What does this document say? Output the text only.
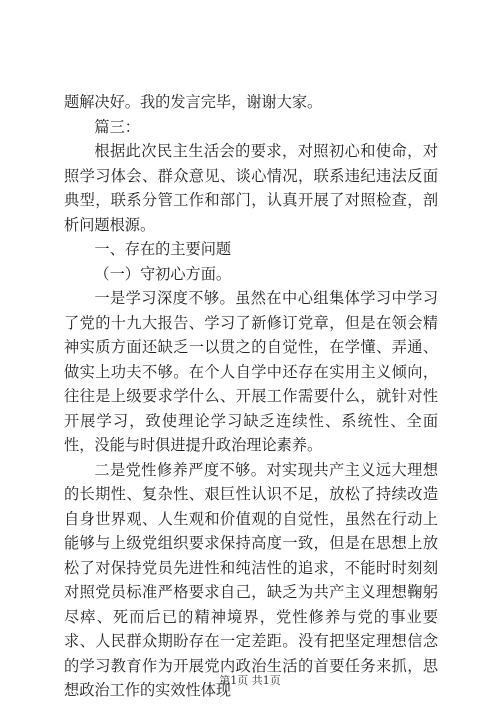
题解决好。我的发言完毕，谢谢大家。

篇三：

根据此次民主生活会的要求，对照初心和使命，对照学习体会、群众意见、谈心情况，联系违纪违法反面典型，联系分管工作和部门，认真开展了对照检查，剖析问题根源。

一、存在的主要问题

（一）守初心方面。

一是学习深度不够。虽然在中心组集体学习中学习了党的十九大报告、学习了新修订党章，但是在领会精神实质方面还缺乏一以贯之的自觉性，在学懂、弄通、做实上功夫不够。在个人自学中还存在实用主义倾向，往往是上级要求学什么、开展工作需要什么，就针对性开展学习，致使理论学习缺乏连续性、系统性、全面性，没能与时俱进提升政治理论素养。

二是党性修养严度不够。对实现共产主义远大理想的长期性、复杂性、艰巨性认识不足，放松了持续改造自身世界观、人生观和价值观的自觉性，虽然在行动上能够与上级党组织要求保持高度一致，但是在思想上放松了对保持党员先进性和纯洁性的追求，不能时时刻刻对照党员标准严格要求自己，缺乏为共产主义理想鞠躬尽瘁、死而后已的精神境界，党性修养与党的事业要求、人民群众期盼存在一定差距。没有把坚定理想信念的学习教育作为开展党内政治生活的首要任务来抓，思想政治工作的实效性体现

第1页 共1页
